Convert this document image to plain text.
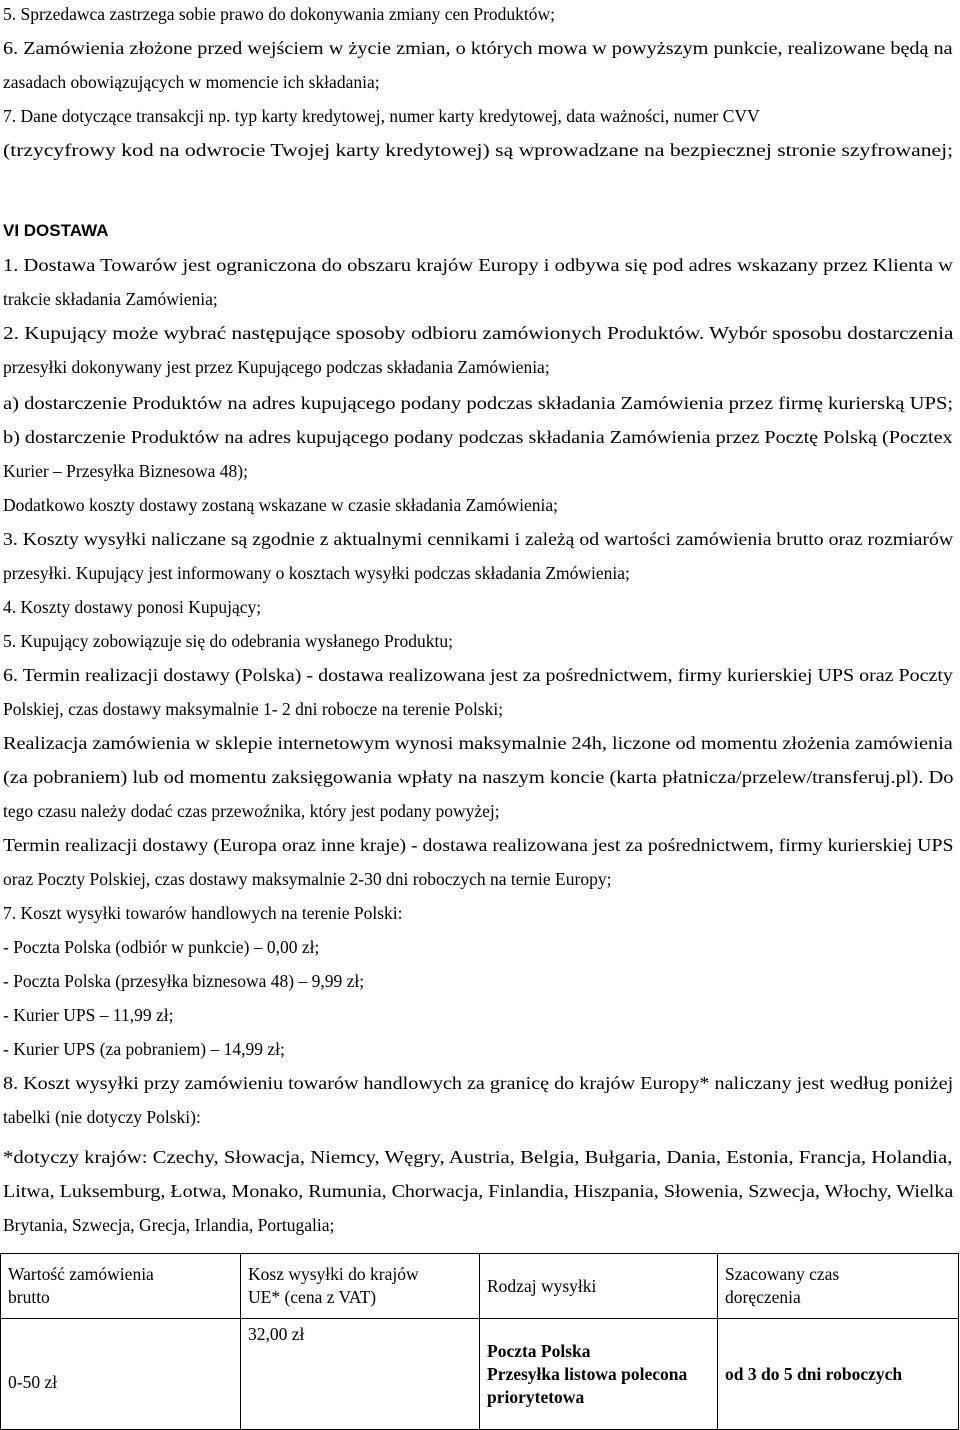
5. Sprzedawca zastrzega sobie prawo do dokonywania zmiany cen Produktów;

6. Zamówienia złożone przed wejściem w życie zmian, o których mowa w powyższym punkcie, realizowane będą na

zasadach obowiązujących w momencie ich składania;

7. Dane dotyczące transakcji np. typ karty kredytowej, numer karty kredytowej, data ważności, numer CVV

(trzycyfrowy kod na odwrocie Twojej karty kredytowej) są wprowadzane na bezpiecznej stronie szyfrowanej;

VI DOSTAWA

1. Dostawa Towarów jest ograniczona do obszaru krajów Europy i odbywa się pod adres wskazany przez Klienta w

trakcie składania Zamówienia;

2. Kupujący może wybrać następujące sposoby odbioru zamówionych Produktów. Wybór sposobu dostarczenia

przesyłki dokonywany jest przez Kupującego podczas składania Zamówienia;

a) dostarczenie Produktów na adres kupującego podany podczas składania Zamówienia przez firmę kurierską UPS;

b) dostarczenie Produktów na adres kupującego podany podczas składania Zamówienia przez Pocztę Polską (Pocztex

Kurier – Przesyłka Biznesowa 48);

Dodatkowo koszty dostawy zostaną wskazane w czasie składania Zamówienia;

3. Koszty wysyłki naliczane są zgodnie z aktualnymi cennikami i zależą od wartości zamówienia brutto oraz rozmiarów

przesyłki. Kupujący jest informowany o kosztach wysyłki podczas składania Zmówienia;

4. Koszty dostawy ponosi Kupujący;

5. Kupujący zobowiązuje się do odebrania wysłanego Produktu;

6. Termin realizacji dostawy (Polska) - dostawa realizowana jest za pośrednictwem, firmy kurierskiej UPS oraz Poczty

Polskiej, czas dostawy maksymalnie 1- 2 dni robocze na terenie Polski;

Realizacja zamówienia w sklepie internetowym wynosi maksymalnie 24h, liczone od momentu złożenia zamówienia

(za pobraniem) lub od momentu zaksięgowania wpłaty na naszym koncie (karta płatnicza/przelew/transferuj.pl). Do

tego czasu należy dodać czas przewoźnika, który jest podany powyżej;

Termin realizacji dostawy (Europa oraz inne kraje) - dostawa realizowana jest za pośrednictwem, firmy kurierskiej UPS

oraz Poczty Polskiej, czas dostawy maksymalnie 2-30 dni roboczych na ternie Europy;

7. Koszt wysyłki towarów handlowych na terenie Polski:

- Poczta Polska (odbiór w punkcie) – 0,00 zł;

- Poczta Polska (przesyłka biznesowa 48) – 9,99 zł;

- Kurier UPS – 11,99 zł;

- Kurier UPS (za pobraniem) – 14,99 zł;

8. Koszt wysyłki przy zamówieniu towarów handlowych za granicę do krajów Europy* naliczany jest według poniżej

tabelki (nie dotyczy Polski):

*dotyczy krajów: Czechy, Słowacja, Niemcy, Węgry, Austria, Belgia, Bułgaria, Dania, Estonia, Francja, Holandia,

Litwa, Luksemburg, Łotwa, Monako, Rumunia, Chorwacja, Finlandia, Hiszpania, Słowenia, Szwecja, Włochy, Wielka

Brytania, Szwecja, Grecja, Irlandia, Portugalia;

Wartość zamówienia
brutto	Kosz wysyłki do krajów
UE* (cena z VAT)	Rodzaj wysyłki	Szacowany czas
doręczenia

0-50 zł	32,00 zł	Poczta Polska
Przesyłka listowa polecona
priorytetowa	od 3 do 5 dni roboczych
